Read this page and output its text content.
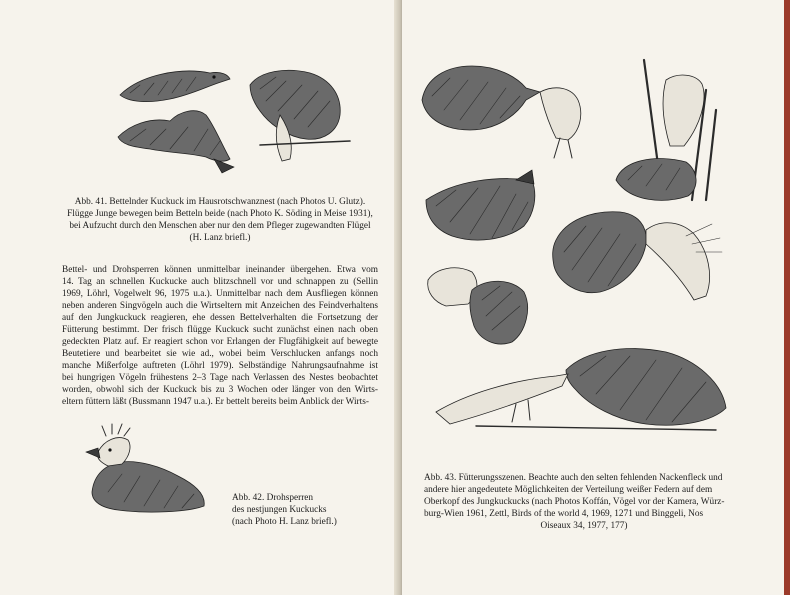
Abb. 41. Bettelnder Kuckuck im Hausrotschwanznest (nach Photos U. Glutz).

Flügge Junge bewegen beim Betteln beide (nach Photo K. Söding in Meise 1931),

bei Aufzucht durch den Menschen aber nur den dem Pfleger zugewandten Flügel

(H. Lanz briefl.)

Bettel- und Drohsperren können unmittelbar ineinander übergehen. Etwa vom
14. Tag an schnellen Kuckucke auch blitzschnell vor und schnappen zu (Sellin
1969, Löhrl, Vogelwelt 96, 1975 u.a.). Unmittelbar nach dem Ausfliegen können
neben anderen Singvögeln auch die Wirtseltern mit Anzeichen des Feindverhaltens
auf den Jungkuckuck reagieren, ehe dessen Bettelverhalten die Fortsetzung der
Fütterung bestimmt. Der frisch flügge Kuckuck sucht zunächst einen nach oben
gedeckten Platz auf. Er reagiert schon vor Erlangen der Flugfähigkeit auf bewegte
Beutetiere und bearbeitet sie wie ad., wobei beim Verschlucken anfangs noch
manche Mißerfolge auftreten (Löhrl 1979). Selbständige Nahrungsaufnahme ist
bei hungrigen Vögeln frühestens 2–3 Tage nach Verlassen des Nestes beobachtet
worden, obwohl sich der Kuckuck bis zu 3 Wochen oder länger von den Wirts-
eltern füttern läßt (Bussmann 1947 u.a.). Er bettelt bereits beim Anblick der Wirts-

Abb. 42. Drohsperren

des nestjungen Kuckucks

(nach Photo H. Lanz briefl.)

Abb. 43. Fütterungsszenen. Beachte auch den selten fehlenden Nackenfleck und

andere hier angedeutete Möglichkeiten der Verteilung weißer Federn auf dem

Oberkopf des Jungkuckucks (nach Photos Koffán, Vögel vor der Kamera, Würz-

burg-Wien 1961, Zettl, Birds of the world 4, 1969, 1271 und Binggeli, Nos

Oiseaux 34, 1977, 177)
